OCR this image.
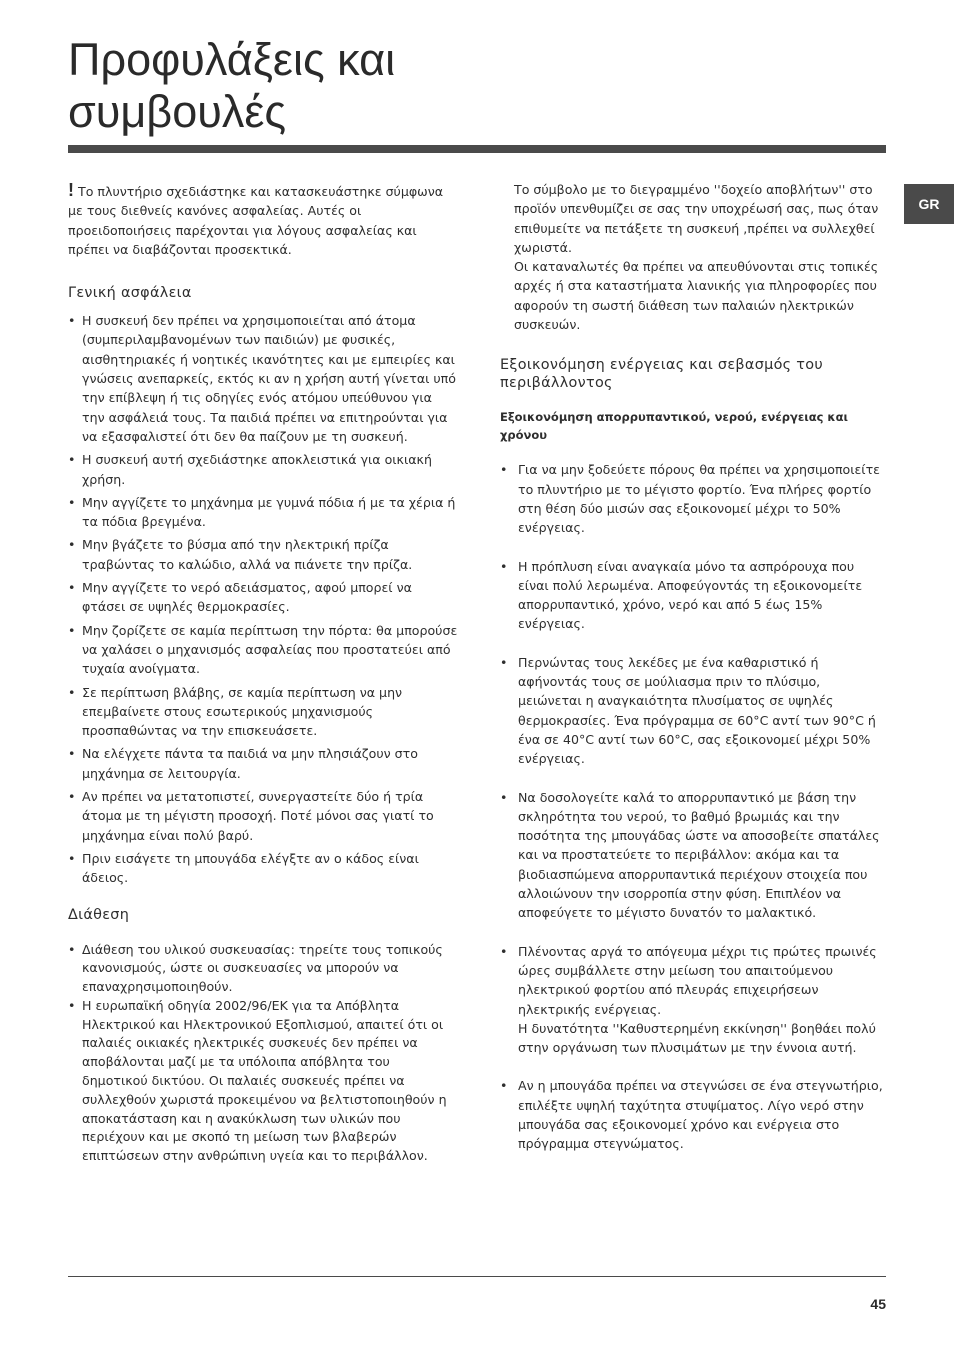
Προφυλάξεις και
συμβουλές
GR

! Το πλυντήριο σχεδιάστηκε και κατασκευάστηκε σύμφωνα με τους διεθνείς κανόνες ασφαλείας. Αυτές οι προειδοποιήσεις παρέχονται για λόγους ασφαλείας και πρέπει να διαβάζονται προσεκτικά.

Γενική ασφάλεια
• Η συσκευή δεν πρέπει να χρησιμοποιείται από άτομα (συμπεριλαμβανομένων των παιδιών) με φυσικές, αισθητηριακές ή νοητικές ικανότητες και με εμπειρίες και γνώσεις ανεπαρκείς, εκτός κι αν η χρήση αυτή γίνεται υπό την επίβλεψη ή τις οδηγίες ενός ατόμου υπεύθυνου για την ασφάλειά τους. Τα παιδιά πρέπει να επιτηρούνται για να εξασφαλιστεί ότι δεν θα παίζουν με τη συσκευή.
• Η συσκευή αυτή σχεδιάστηκε αποκλειστικά για οικιακή χρήση.
• Μην αγγίζετε το μηχάνημα με γυμνά πόδια ή με τα χέρια ή τα πόδια βρεγμένα.
• Μην βγάζετε το βύσμα από την ηλεκτρική πρίζα τραβώντας το καλώδιο, αλλά να πιάνετε την πρίζα.
• Μην αγγίζετε το νερό αδειάσματος, αφού μπορεί να φτάσει σε υψηλές θερμοκρασίες.
• Μην ζορίζετε σε καμία περίπτωση την πόρτα: θα μπορούσε να χαλάσει ο μηχανισμός ασφαλείας που προστατεύει από τυχαία ανοίγματα.
• Σε περίπτωση βλάβης, σε καμία περίπτωση να μην επεμβαίνετε στους εσωτερικούς μηχανισμούς προσπαθώντας να την επισκευάσετε.
• Να ελέγχετε πάντα τα παιδιά να μην πλησιάζουν στο μηχάνημα σε λειτουργία.
• Αν πρέπει να μετατοπιστεί, συνεργαστείτε δύο ή τρία άτομα με τη μέγιστη προσοχή. Ποτέ μόνοι σας γιατί το μηχάνημα είναι πολύ βαρύ.
• Πριν εισάγετε τη μπουγάδα ελέγξτε αν ο κάδος είναι άδειος.
Διάθεση
• Διάθεση του υλικού συσκευασίας: τηρείτε τους τοπικούς κανονισμούς, ώστε οι συσκευασίες να μπορούν να επαναχρησιμοποιηθούν.
• Η ευρωπαϊκή οδηγία 2002/96/EK για τα Απόβλητα Ηλεκτρικού και Ηλεκτρονικού Εξοπλισμού, απαιτεί ότι οι παλαιές οικιακές ηλεκτρικές συσκευές δεν πρέπει να αποβάλονται μαζί με τα υπόλοιπα απόβλητα του δημοτικού δικτύου. Οι παλαιές συσκευές πρέπει να συλλεχθούν χωριστά προκειμένου να βελτιστοποιηθούν η αποκατάσταση και η ανακύκλωση των υλικών που περιέχουν και με σκοπό τη μείωση των βλαβερών επιπτώσεων στην ανθρώπινη υγεία και το περιβάλλον.

Το σύμβολο με το διεγραμμένο ''δοχείο αποβλήτων'' στο προϊόν υπενθυμίζει σε σας την υποχρέωσή σας, πως όταν επιθυμείτε να πετάξετε τη συσκευή ,πρέπει να συλλεχθεί χωριστά.

Οι καταναλωτές θα πρέπει να απευθύνονται στις τοπικές αρχές ή στα καταστήματα λιανικής για πληροφορίες που αφορούν τη σωστή διάθεση των παλαιών ηλεκτρικών συσκευών.

Εξοικονόμηση ενέργειας και σεβασμός του περιβάλλοντος
Εξοικονόμηση απορρυπαντικού, νερού, ενέργειας και χρόνου
• Για να μην ξοδεύετε πόρους θα πρέπει να χρησιμοποιείτε το πλυντήριο με το μέγιστο φορτίο. Ένα πλήρες φορτίο στη θέση δύο μισών σας εξοικονομεί μέχρι το 50% ενέργειας.
• Η πρόπλυση είναι αναγκαία μόνο τα ασπρόρουχα που είναι πολύ λερωμένα. Αποφεύγοντάς τη εξοικονομείτε απορρυπαντικό, χρόνο, νερό και από 5 έως 15% ενέργειας.
• Περνώντας τους λεκέδες με ένα καθαριστικό ή αφήνοντάς τους σε μούλιασμα πριν το πλύσιμο, μειώνεται η αναγκαιότητα πλυσίματος σε υψηλές θερμοκρασίες. Ένα πρόγραμμα σε 60°C αντί των 90°C ή ένα σε 40°C αντί των 60°C, σας εξοικονομεί μέχρι 50% ενέργειας.
• Να δοσολογείτε καλά το απορρυπαντικό με βάση την σκληρότητα του νερού, το βαθμό βρωμιάς και την ποσότητα της μπουγάδας ώστε να αποσοβείτε σπατάλες και να προστατεύετε το περιβάλλον: ακόμα και τα βιοδιασπώμενα απορρυπαντικά περιέχουν στοιχεία που αλλοιώνουν την ισορροπία στην φύση. Επιπλέον να αποφεύγετε το μέγιστο δυνατόν το μαλακτικό.
• Πλένοντας αργά το απόγευμα μέχρι τις πρώτες πρωινές ώρες συμβάλλετε στην μείωση του απαιτούμενου ηλεκτρικού φορτίου από πλευράς επιχειρήσεων ηλεκτρικής ενέργειας.
Η δυνατότητα ''Καθυστερημένη εκκίνηση'' βοηθάει πολύ στην οργάνωση των πλυσιμάτων με την έννοια αυτή.
• Αν η μπουγάδα πρέπει να στεγνώσει σε ένα στεγνωτήριο, επιλέξτε υψηλή ταχύτητα στυψίματος. Λίγο νερό στην μπουγάδα σας εξοικονομεί χρόνο και ενέργεια στο πρόγραμμα στεγνώματος.
45
